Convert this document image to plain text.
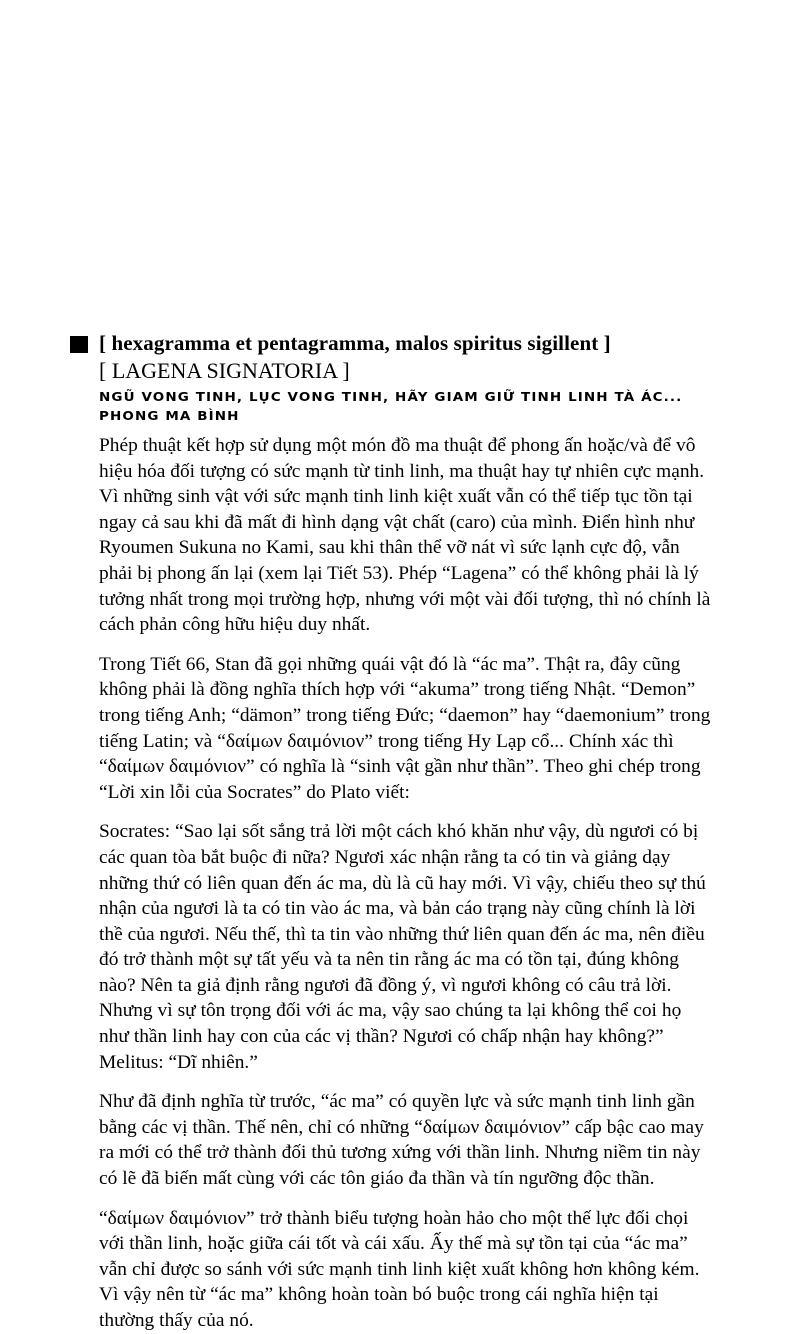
[ hexagramma et pentagramma, malos spiritus sigillent ]
[ LAGENA SIGNATORIA ]
NGŨ VONG TINH, LỤC VONG TINH, HÃY GIAM GIỮ TINH LINH TÀ ÁC...
PHONG MA BÌNH

Phép thuật kết hợp sử dụng một món đồ ma thuật để phong ấn hoặc/và để vô hiệu hóa đối tượng có sức mạnh từ tinh linh, ma thuật hay tự nhiên cực mạnh. Vì những sinh vật với sức mạnh tinh linh kiệt xuất vẫn có thể tiếp tục tồn tại ngay cả sau khi đã mất đi hình dạng vật chất (caro) của mình. Điển hình như Ryoumen Sukuna no Kami, sau khi thân thể vỡ nát vì sức lạnh cực độ, vẫn phải bị phong ấn lại (xem lại Tiết 53). Phép “Lagena” có thể không phải là lý tưởng nhất trong mọi trường hợp, nhưng với một vài đối tượng, thì nó chính là cách phản công hữu hiệu duy nhất.

Trong Tiết 66, Stan đã gọi những quái vật đó là “ác ma”. Thật ra, đây cũng không phải là đồng nghĩa thích hợp với “akuma” trong tiếng Nhật. “Demon” trong tiếng Anh; “dämon” trong tiếng Đức; “daemon” hay “daemonium” trong tiếng Latin; và “δαίμων δαιμόνιον” trong tiếng Hy Lạp cổ... Chính xác thì “δαίμων δαιμόνιον” có nghĩa là “sinh vật gần như thần”. Theo ghi chép trong “Lời xin lỗi của Socrates” do Plato viết:

Socrates: “Sao lại sốt sắng trả lời một cách khó khăn như vậy, dù ngươi có bị các quan tòa bắt buộc đi nữa? Ngươi xác nhận rằng ta có tin và giảng dạy những thứ có liên quan đến ác ma, dù là cũ hay mới. Vì vậy, chiếu theo sự thú nhận của ngươi là ta có tin vào ác ma, và bản cáo trạng này cũng chính là lời thề của ngươi. Nếu thế, thì ta tin vào những thứ liên quan đến ác ma, nên điều đó trở thành một sự tất yếu và ta nên tin rằng ác ma có tồn tại, đúng không nào? Nên ta giả định rằng ngươi đã đồng ý, vì ngươi không có câu trả lời. Nhưng vì sự tôn trọng đối với ác ma, vậy sao chúng ta lại không thể coi họ như thần linh hay con của các vị thần? Ngươi có chấp nhận hay không?”

Melitus: “Dĩ nhiên.”

Như đã định nghĩa từ trước, “ác ma” có quyền lực và sức mạnh tinh linh gần bằng các vị thần. Thế nên, chỉ có những “δαίμων δαιμόνιον” cấp bậc cao may ra mới có thể trở thành đối thủ tương xứng với thần linh. Nhưng niềm tin này có lẽ đã biến mất cùng với các tôn giáo đa thần và tín ngưỡng độc thần.

“δαίμων δαιμόνιον” trở thành biểu tượng hoàn hảo cho một thế lực đối chọi với thần linh, hoặc giữa cái tốt và cái xấu. Ấy thế mà sự tồn tại của “ác ma” vẫn chỉ được so sánh với sức mạnh tinh linh kiệt xuất không hơn không kém. Vì vậy nên từ “ác ma” không hoàn toàn bó buộc trong cái nghĩa hiện tại thường thấy của nó.
